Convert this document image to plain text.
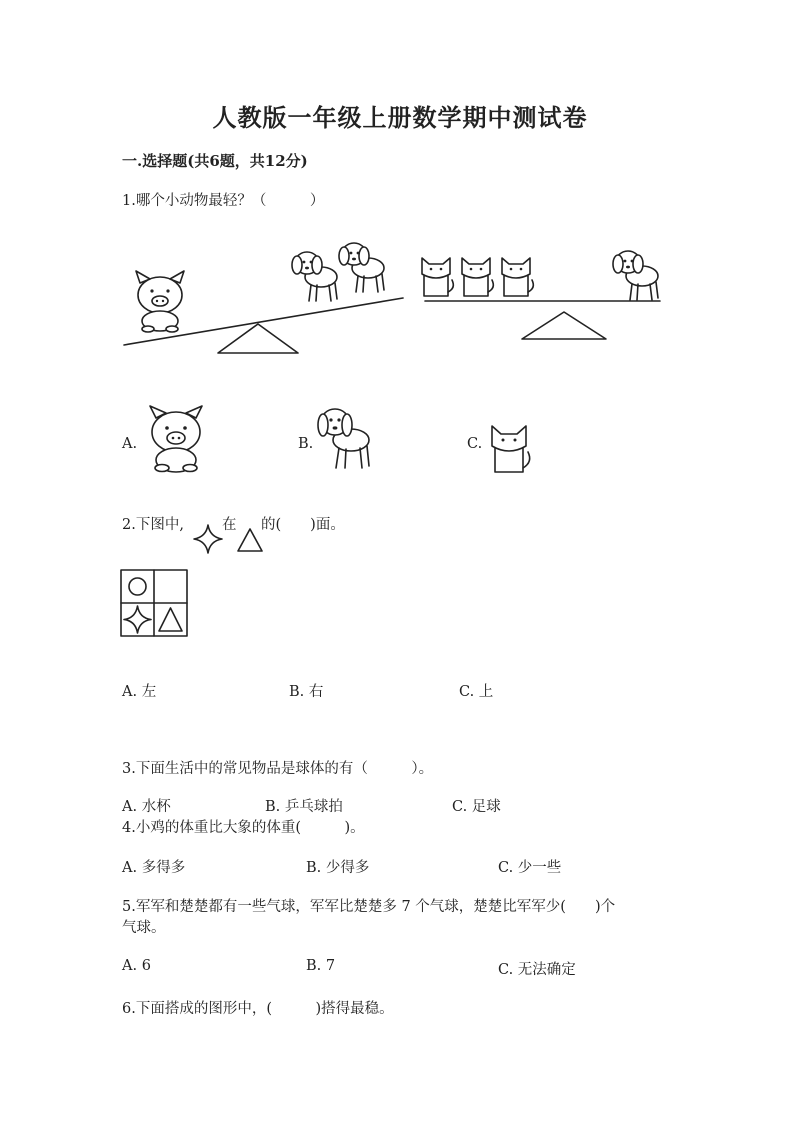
人教版一年级上册数学期中测试卷
一.选择题(共6题，共12分)
1.哪个小动物最轻？（　　　）
A.	B.	C.
2.下图中,	在 的(　　)面。
A. 左	B. 右	C. 上
3.下面生活中的常见物品是球体的有（　　　）。
A. 水杯	B. 乒乓球拍	C. 足球
4.小鸡的体重比大象的体重(　　　)。
A. 多得多	B. 少得多	C. 少一些
5.军军和楚楚都有一些气球，军军比楚楚多 7 个气球，楚楚比军军少(　　)个
气球。
A. 6	B. 7	C. 无法确定
6.下面搭成的图形中，(　　　)搭得最稳。
